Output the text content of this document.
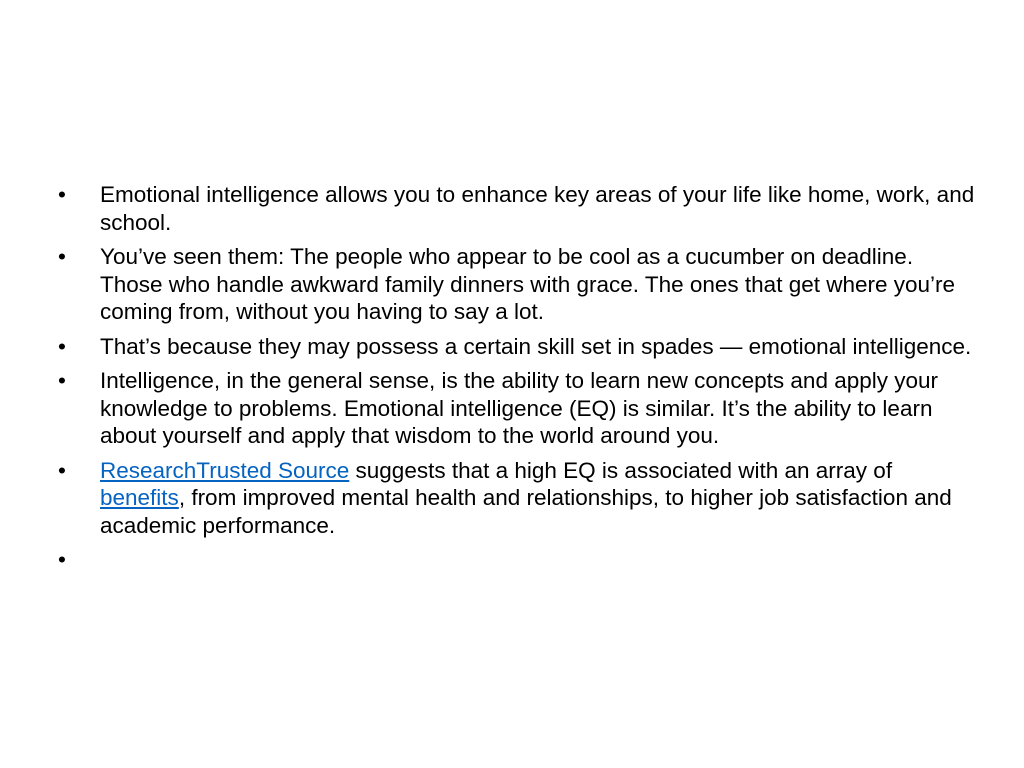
•	Emotional intelligence allows you to enhance key areas of your life like home, work, and school.
•	You’ve seen them: The people who appear to be cool as a cucumber on deadline. Those who handle awkward family dinners with grace. The ones that get where you’re coming from, without you having to say a lot.
•	That’s because they may possess a certain skill set in spades — emotional intelligence.
•	Intelligence, in the general sense, is the ability to learn new concepts and apply your knowledge to problems. Emotional intelligence (EQ) is similar. It’s the ability to learn about yourself and apply that wisdom to the world around you.
•	ResearchTrusted Source suggests that a high EQ is associated with an array of benefits, from improved mental health and relationships, to higher job satisfaction and academic performance.
•
